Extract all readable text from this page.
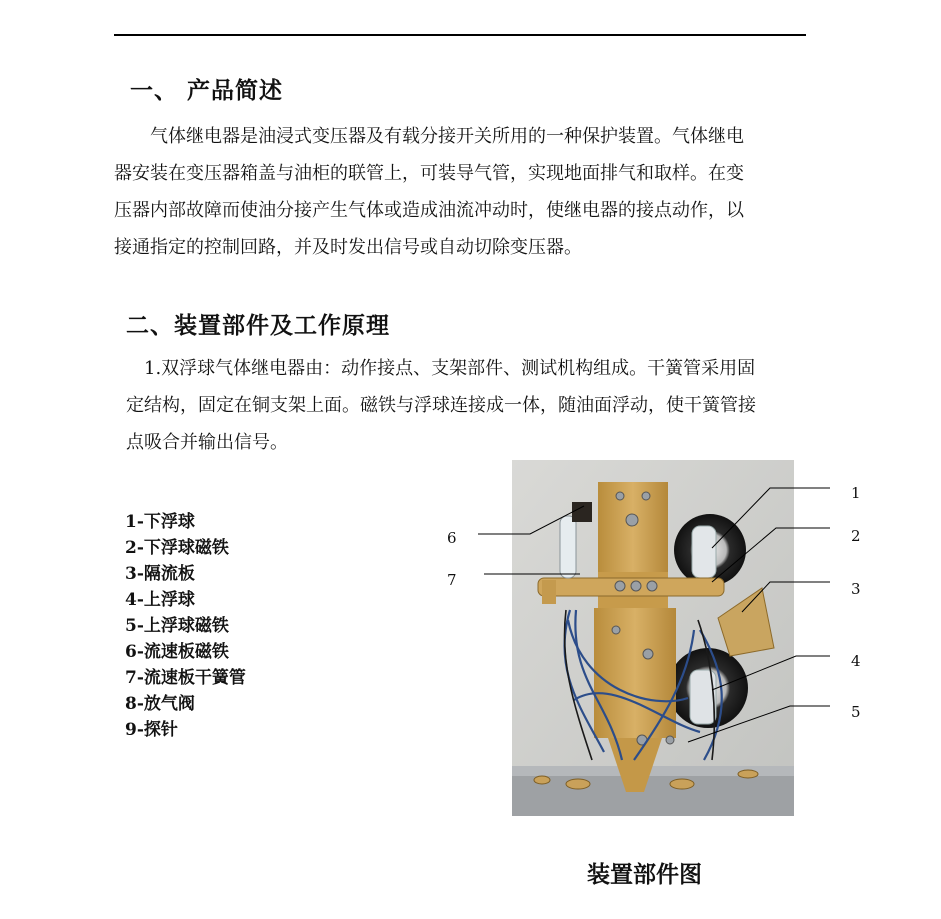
一、 产品简述
　　气体继电器是油浸式变压器及有载分接开关所用的一种保护装置。气体继电
器安装在变压器箱盖与油柜的联管上，可装导气管，实现地面排气和取样。在变
压器内部故障而使油分接产生气体或造成油流冲动时，使继电器的接点动作，以
接通指定的控制回路，并及时发出信号或自动切除变压器。
二、装置部件及工作原理
　1.双浮球气体继电器由：动作接点、支架部件、测试机构组成。干簧管采用固
定结构，固定在铜支架上面。磁铁与浮球连接成一体，随油面浮动，使干簧管接
点吸合并输出信号。
1-下浮球
2-下浮球磁铁
3-隔流板
4-上浮球
5-上浮球磁铁
6-流速板磁铁
7-流速板干簧管
8-放气阀
9-探针
1
2
3
4
5
6
7
装置部件图
